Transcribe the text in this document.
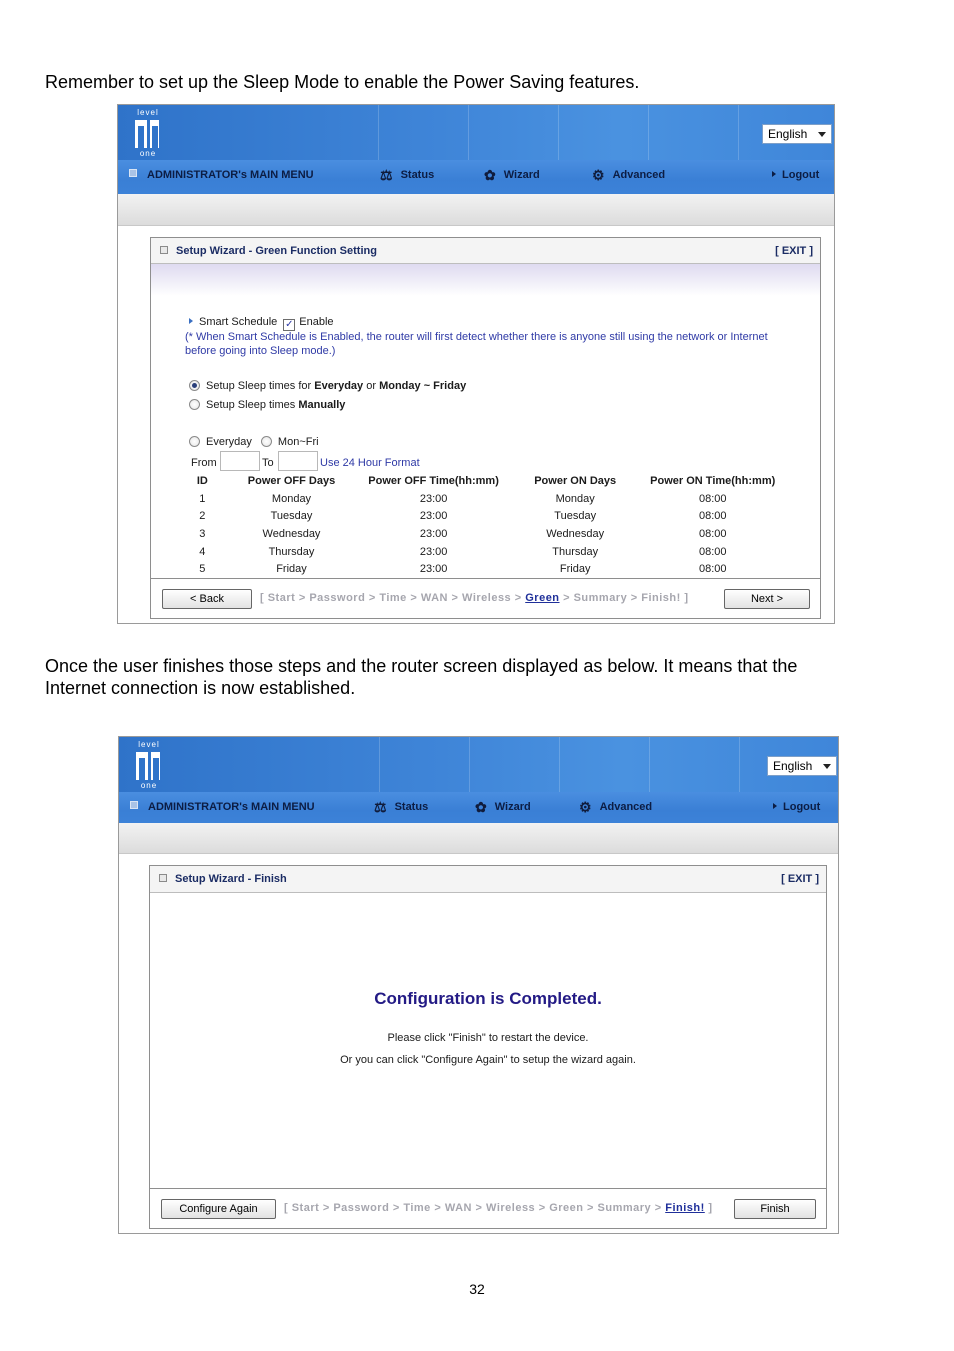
Remember to set up the Sleep Mode to enable the Power Saving features.
level
one
English
ADMINISTRATOR's MAIN MENU	⚖ Status	✿ Wizard	⚙ Advanced	Logout
Setup Wizard - Green Function Setting	[ EXIT ]
Smart Schedule ✓ Enable
(* When Smart Schedule is Enabled, the router will first detect whether there is anyone still using the network or Internet
before going into Sleep mode.)
Setup Sleep times for Everyday or Monday ~ Friday
Setup Sleep times Manually
Everyday Mon~Fri
From	To	Use 24 Hour Format
ID	Power OFF Days	Power OFF Time(hh:mm)	Power ON Days	Power ON Time(hh:mm)
1	Monday	23:00	Monday	08:00
2	Tuesday	23:00	Tuesday	08:00
3	Wednesday	23:00	Wednesday	08:00
4	Thursday	23:00	Thursday	08:00
5	Friday	23:00	Friday	08:00
< Back	[ Start > Password > Time > WAN > Wireless > Green > Summary > Finish! ]	Next >
Once the user finishes those steps and the router screen displayed as below. It means that the
Internet connection is now established.
level
one
English
ADMINISTRATOR's MAIN MENU	⚖ Status	✿ Wizard	⚙ Advanced	Logout
Setup Wizard - Finish	[ EXIT ]
Configuration is Completed.
Please click "Finish" to restart the device.
Or you can click "Configure Again" to setup the wizard again.
Configure Again	[ Start > Password > Time > WAN > Wireless > Green > Summary > Finish! ]	Finish
32
